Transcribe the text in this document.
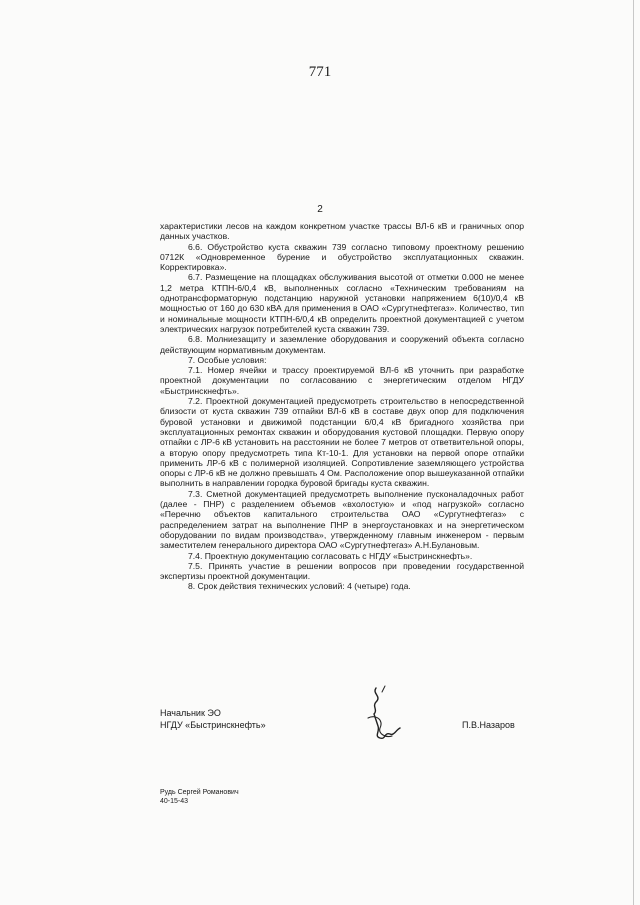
771
2

характеристики лесов на каждом конкретном участке трассы ВЛ-6 кВ и граничных опор данных участков.

6.6. Обустройство куста скважин 739 согласно типовому проектному решению 0712К «Одновременное бурение и обустройство эксплуатационных скважин. Корректировка».

6.7. Размещение на площадках обслуживания высотой от отметки 0.000 не менее 1,2 метра КТПН-6/0,4 кВ, выполненных согласно «Техническим требованиям на однотрансформаторную подстанцию наружной установки напряжением 6(10)/0,4 кВ мощностью от 160 до 630 кВА для применения в ОАО «Сургутнефтегаз». Количество, тип и номинальные мощности КТПН-6/0,4 кВ определить проектной документацией с учетом электрических нагрузок потребителей куста скважин 739.

6.8. Молниезащиту и заземление оборудования и сооружений объекта согласно действующим нормативным документам.

7. Особые условия:

7.1. Номер ячейки и трассу проектируемой ВЛ-6 кВ уточнить при разработке проектной документации по согласованию с энергетическим отделом НГДУ «Быстринскнефть».

7.2. Проектной документацией предусмотреть строительство в непосредственной близости от куста скважин 739 отпайки ВЛ-6 кВ в составе двух опор для подключения буровой установки и движимой подстанции 6/0,4 кВ бригадного хозяйства при эксплуатационных ремонтах скважин и оборудования кустовой площадки. Первую опору отпайки с ЛР-6 кВ установить на расстоянии не более 7 метров от ответвительной опоры, а вторую опору предусмотреть типа Кт-10-1. Для установки на первой опоре отпайки применить ЛР-6 кВ с полимерной изоляцией. Сопротивление заземляющего устройства опоры с ЛР-6 кВ не должно превышать 4 Ом. Расположение опор вышеуказанной отпайки выполнить в направлении городка буровой бригады куста скважин.

7.3. Сметной документацией предусмотреть выполнение пусконаладочных работ (далее - ПНР) с разделением объемов «вхолостую» и «под нагрузкой» согласно «Перечню объектов капитального строительства ОАО «Сургутнефтегаз» с распределением затрат на выполнение ПНР в энергоустановках и на энергетическом оборудовании по видам производства», утвержденному главным инженером - первым заместителем генерального директора ОАО «Сургутнефтегаз» А.Н.Булановым.

7.4. Проектную документацию согласовать с НГДУ «Быстринскнефть».

7.5. Принять участие в решении вопросов при проведении государственной экспертизы проектной документации.

8. Срок действия технических условий: 4 (четыре) года.

Начальник ЭО
НГДУ «Быстринскнефть»	П.В.Назаров
Рудь Сергей Романович
40-15-43
